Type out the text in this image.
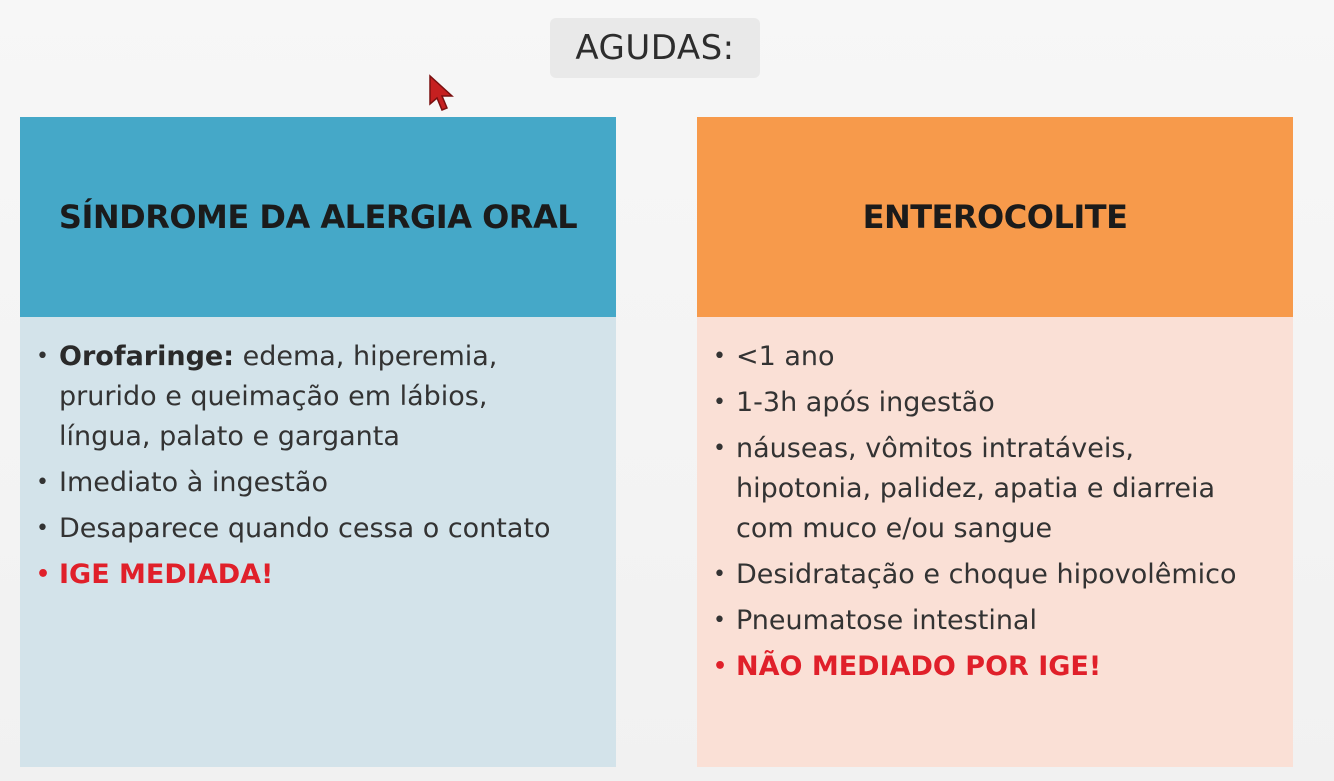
AGUDAS:
SÍNDROME DA ALERGIA ORAL
• Orofaringe: edema, hiperemia, prurido e queimação em lábios, língua, palato e garganta
• Imediato à ingestão
• Desaparece quando cessa o contato
• IGE MEDIADA!
ENTEROCOLITE
• <1 ano
• 1-3h após ingestão
• náuseas, vômitos intratáveis, hipotonia, palidez, apatia e diarreia com muco e/ou sangue
• Desidratação e choque hipovolêmico
• Pneumatose intestinal
• NÃO MEDIADO POR IGE!
